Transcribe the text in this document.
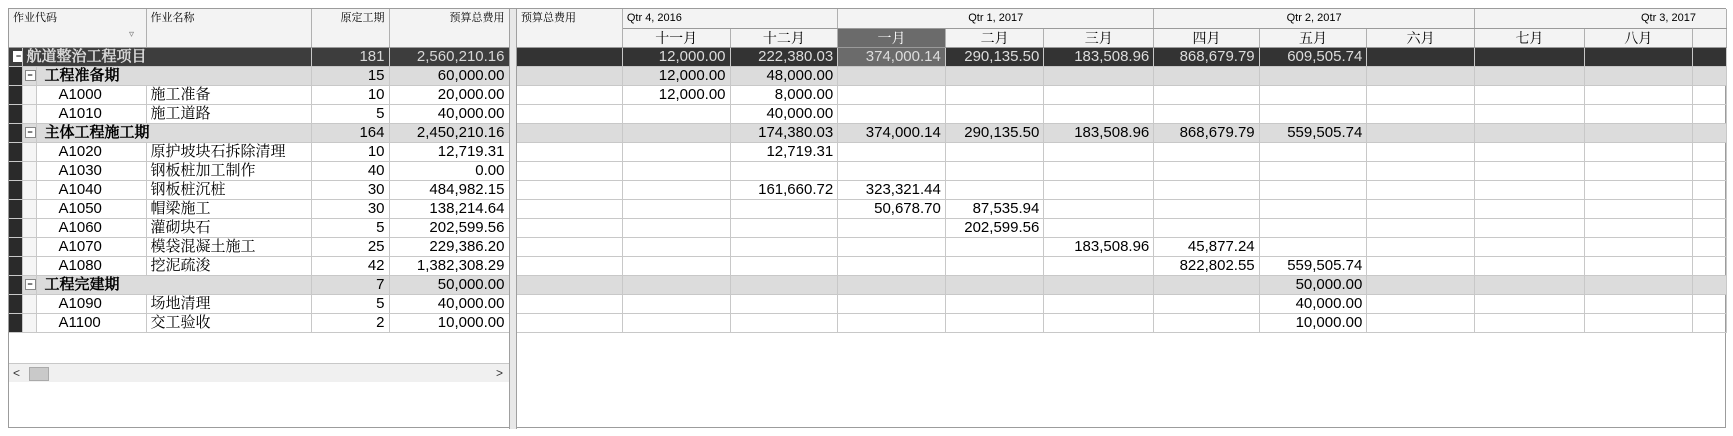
作业代码			作业名称	原定工期	预算总费用
−	航道整治工程项目			181	2,560,210.16
	−	工程准备期		15	60,000.00
		A1000	施工准备	10	20,000.00
		A1010	施工道路	5	40,000.00
	−	主体工程施工期		164	2,450,210.16
		A1020	原护坡块石拆除清理	10	12,719.31
		A1030	钢板桩加工制作	40	0.00
		A1040	钢板桩沉桩	30	484,982.15
		A1050	帽梁施工	30	138,214.64
		A1060	灌砌块石	5	202,599.56
		A1070	模袋混凝土施工	25	229,386.20
		A1080	挖泥疏浚	42	1,382,308.29
	−	工程完建期		7	50,000.00
		A1090	场地清理	5	40,000.00
		A1100	交工验收	2	10,000.00
▿
预算总费用	Qtr 4, 2016		Qtr 1, 2017			Qtr 2, 2017			Qtr 3, 2017		
	十一月	十二月	一月	二月	三月	四月	五月	六月	七月	八月	
	12,000.00	222,380.03	374,000.14	290,135.50	183,508.96	868,679.79	609,505.74				
	12,000.00	48,000.00									
	12,000.00	8,000.00									
		40,000.00									
		174,380.03	374,000.14	290,135.50	183,508.96	868,679.79	559,505.74				
		12,719.31									

		161,660.72	323,321.44								
			50,678.70	87,535.94							
				202,599.56							
					183,508.96	45,877.24					
						822,802.55	559,505.74				
							50,000.00				
							40,000.00				
							10,000.00				
<	>
